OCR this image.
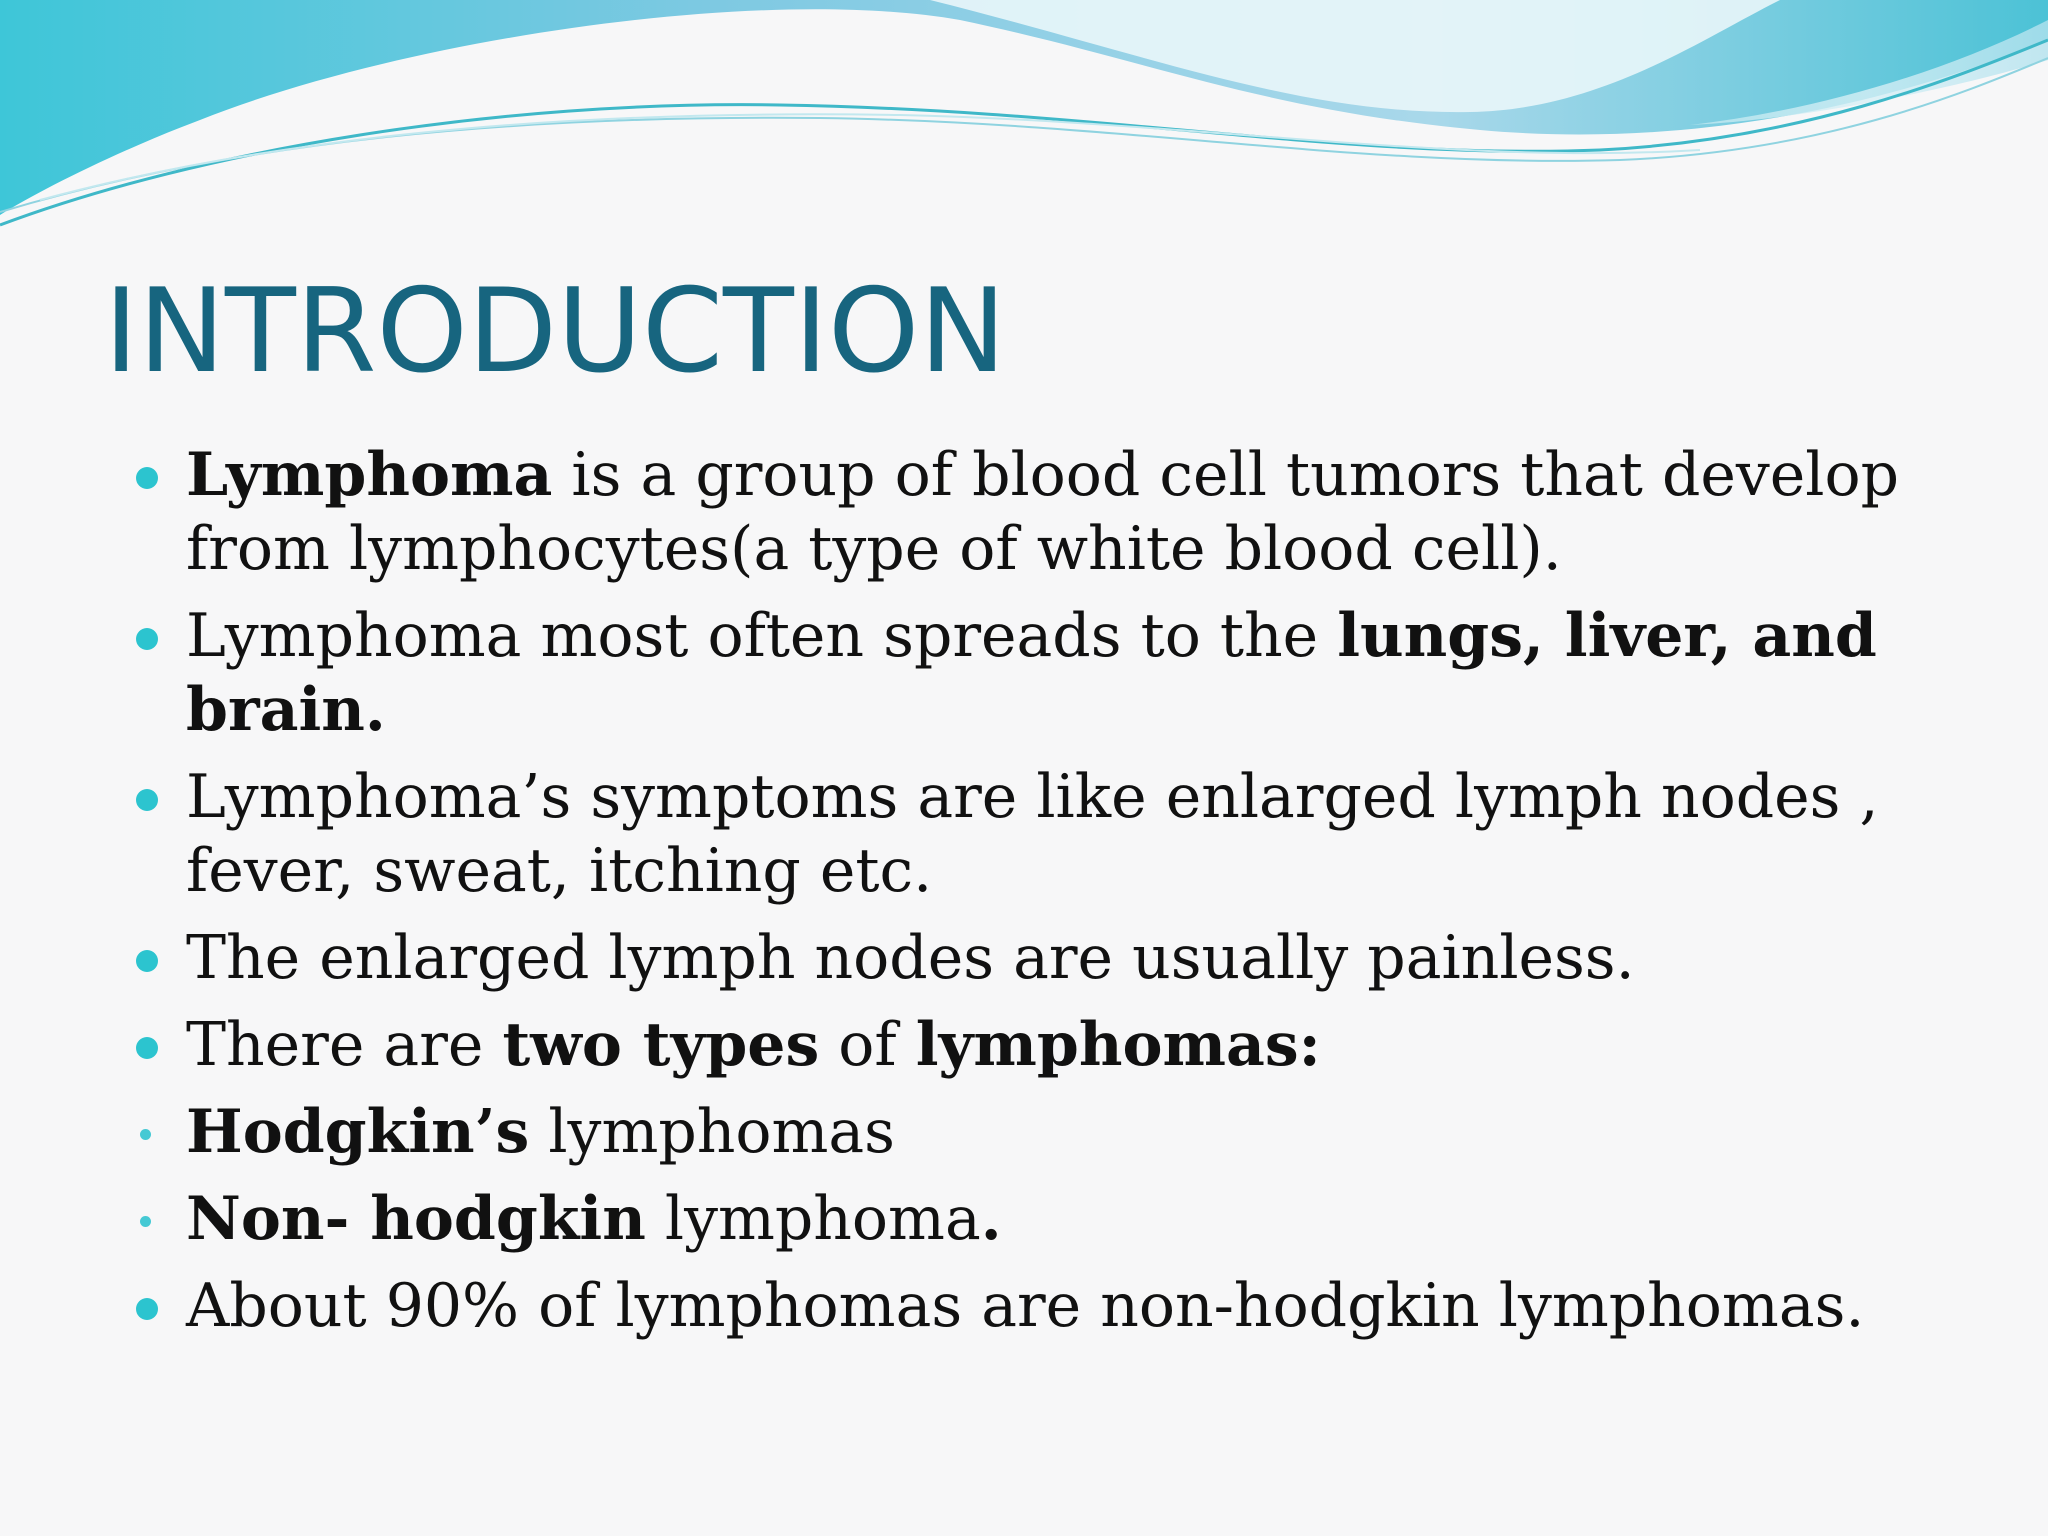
INTRODUCTION
Lymphoma is a group of blood cell tumors that develop from lymphocytes(a type of white blood cell).
Lymphoma most often spreads to the lungs, liver, and brain.
Lymphoma’s symptoms are like enlarged lymph nodes , fever, sweat, itching etc.
The enlarged lymph nodes are usually painless.
There are two types of lymphomas:
Hodgkin’s lymphomas
Non- hodgkin lymphoma.
About 90% of lymphomas are non-hodgkin lymphomas.
